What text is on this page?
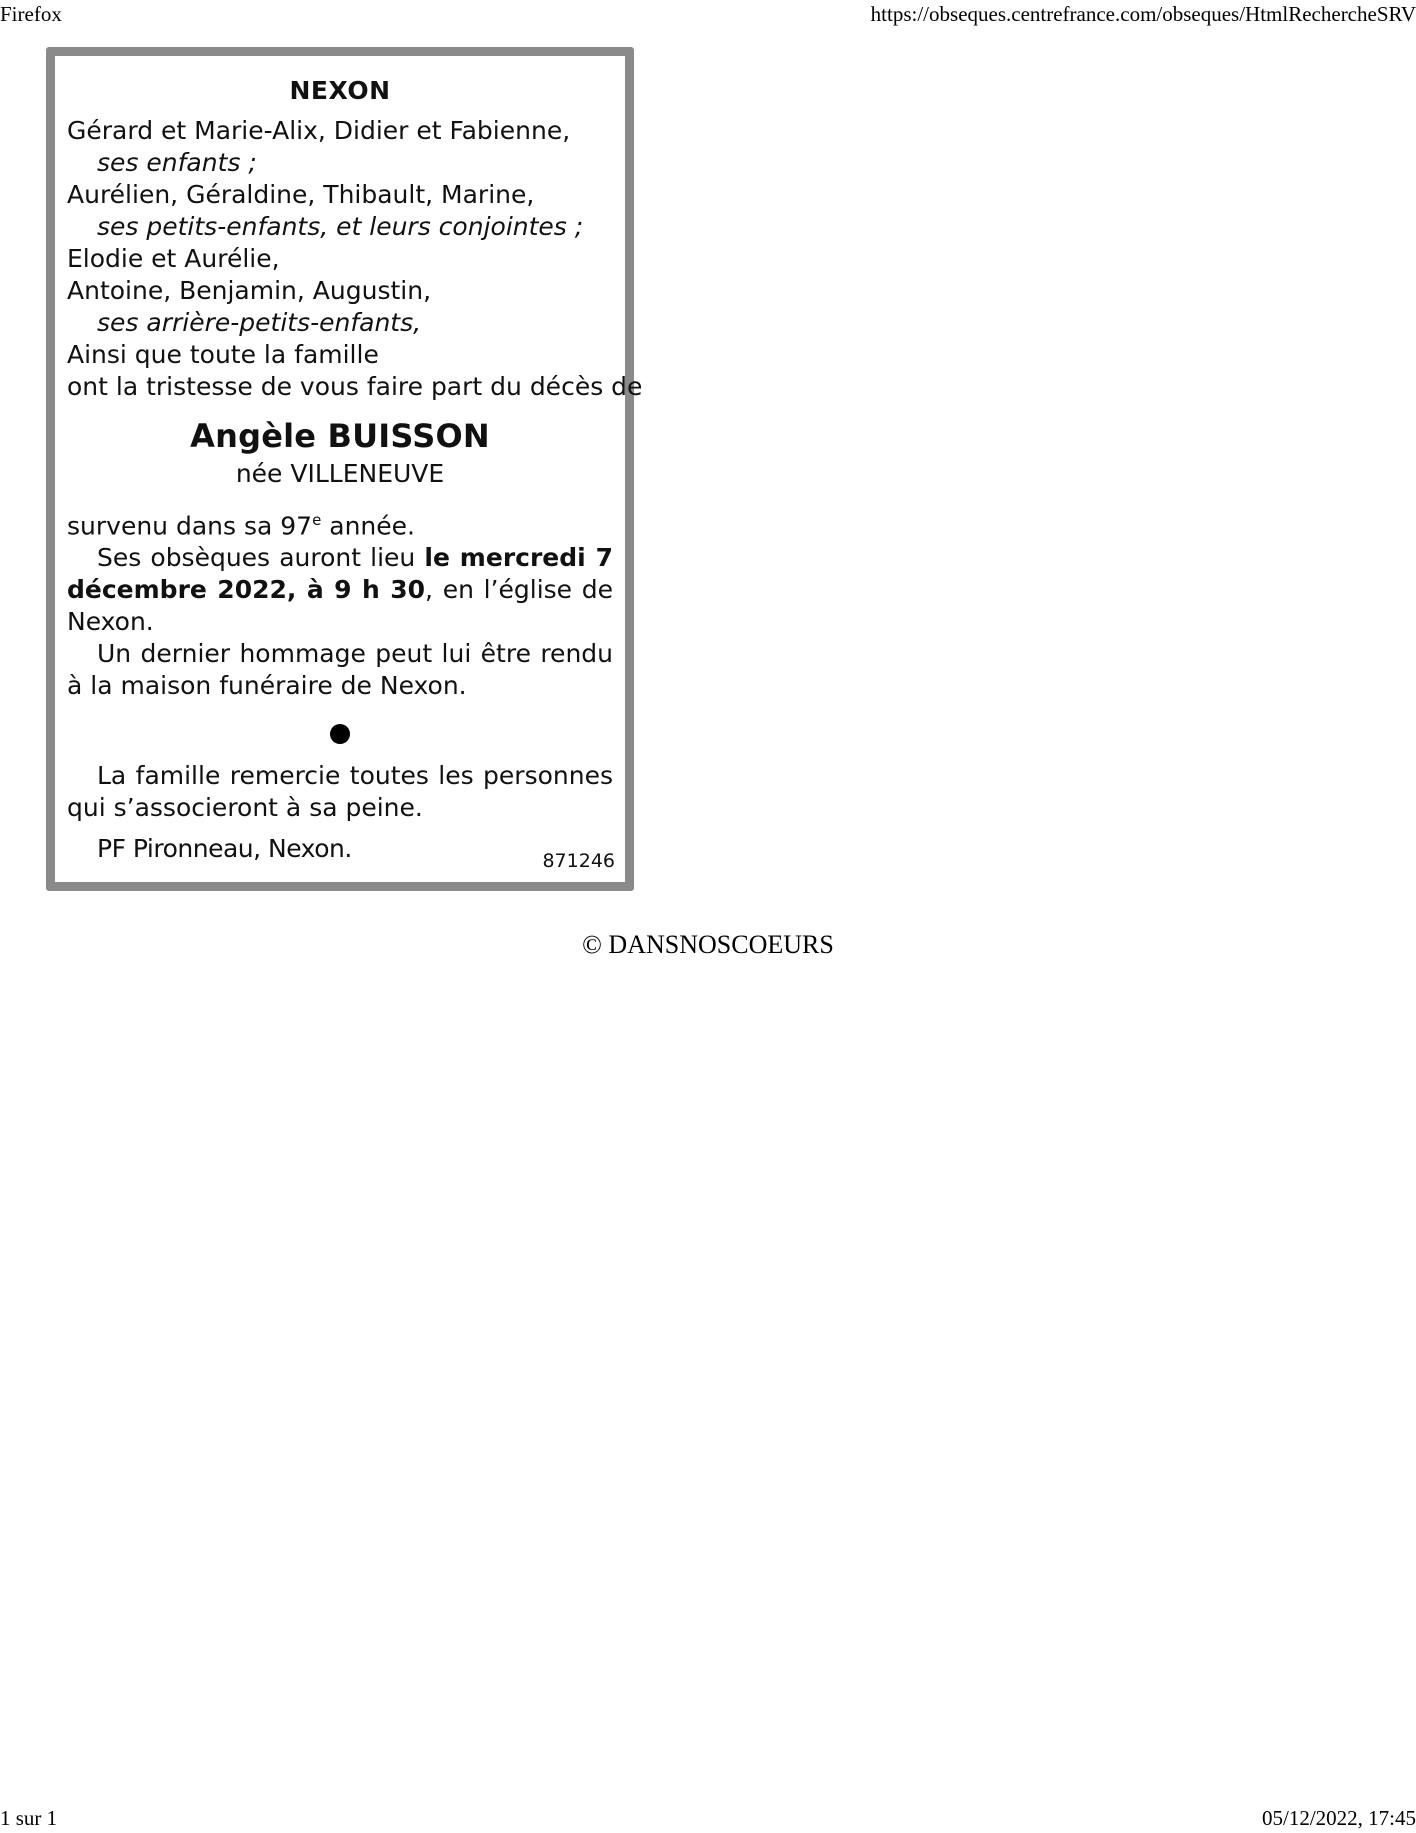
Firefox	https://obseques.centrefrance.com/obseques/HtmlRechercheSRV
NEXON
Gérard et Marie-Alix, Didier et Fabienne,
ses enfants ;
Aurélien, Géraldine, Thibault, Marine,
ses petits-enfants, et leurs conjointes ;
Elodie et Aurélie,
Antoine, Benjamin, Augustin,
ses arrière-petits-enfants,
Ainsi que toute la famille
ont la tristesse de vous faire part du décès de
Angèle BUISSON
née VILLENEUVE

survenu dans sa 97e année.

Ses obsèques auront lieu le mercredi 7 décembre 2022, à 9 h 30, en l’église de Nexon.

Un dernier hommage peut lui être rendu à la maison funéraire de Nexon.

La famille remercie toutes les personnes qui s’associeront à sa peine.
PF Pironneau, Nexon.	871246
© DANSNOSCOEURS
1 sur 1	05/12/2022, 17:45
